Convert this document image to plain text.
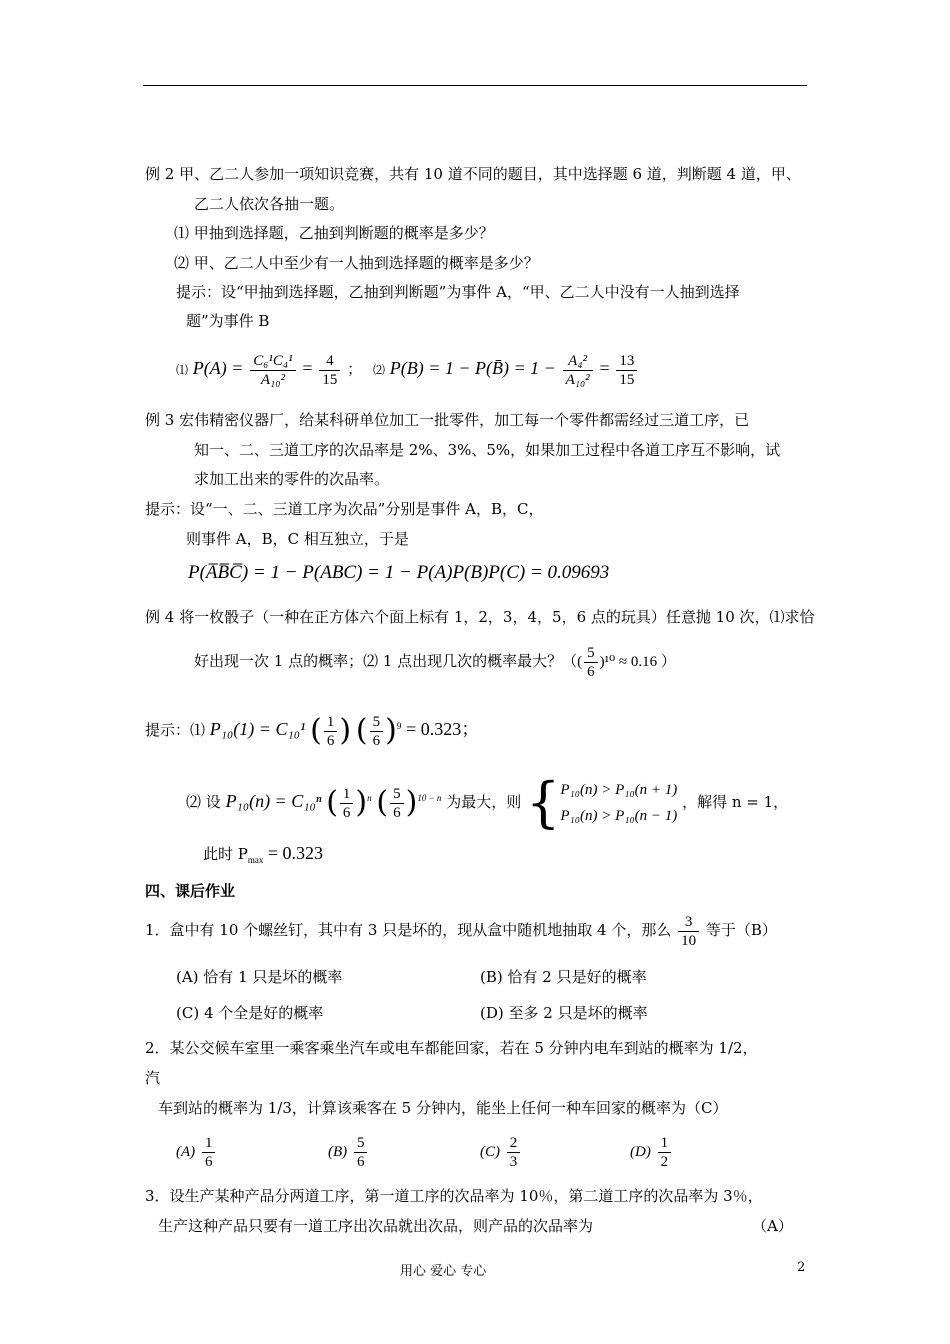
例 2 甲、乙二人参加一项知识竞赛，共有 10 道不同的题目，其中选择题 6 道，判断题 4 道，甲、
乙二人依次各抽一题。
⑴ 甲抽到选择题，乙抽到判断题的概率是多少？
⑵ 甲、乙二人中至少有一人抽到选择题的概率是多少？
提示：设“甲抽到选择题，乙抽到判断题”为事件 A，“甲、乙二人中没有一人抽到选择
题”为事件 B
⑴ $P(A) = \frac{\text{C₆¹C₄¹}}{\text{A₁₀²}} = \frac{4}{15}$ ； ⑵ P(B) = 1 − P(B̄) = $1 - \frac{\text{A₄²}}{\text{A₁₀²}} = \frac{13}{15}$
例 3 宏伟精密仪器厂，给某科研单位加工一批零件，加工每一个零件都需经过三道工序，已
知一、二、三道工序的次品率是 2%、3%、5%，如果加工过程中各道工序互不影响，试
求加工出来的零件的次品率。
提示：设“一、二、三道工序为次品”分别是事件 A，B，C，
则事件 A，B，C 相互独立，于是
P(A̅B̅C̅) = 1 − P(ABC) = 1 − P(A)P(B)P(C) = 0.09693
例 4 将一枚骰子（一种在正方体六个面上标有 1，2，3，4，5，6 点的玩具）任意抛 10 次，⑴求恰
好出现一次 1 点的概率；⑵ 1 点出现几次的概率最大？（( $\frac{5}{6} )^{10} \approx 0.16$ ）
提示：⑴ P₁₀(1) = C₁₀¹ ( $\frac{1}{6}$ ) ( $\frac{5}{6} )^9 = 0.323$；
⑵ 设 P₁₀(n) = C₁₀ⁿ ( $\frac{1}{6} )^n$ ( $\frac{5}{6} )^{10 - n}$ 为最大，则 { P₁₀(n) > P₁₀(n + 1)
P₁₀(n) > P₁₀(n − 1)
，解得 n = 1，
此时 $P_{max} = 0.323$
四、课后作业
1．盒中有 10 个螺丝钉，其中有 3 只是坏的，现从盒中随机地抽取 4 个，那么 $\frac{3}{10}$ 等于（B）
(A) 恰有 1 只是坏的概率	(B) 恰有 2 只是好的概率
(C) 4 个全是好的概率	(D) 至多 2 只是坏的概率
2．某公交候车室里一乘客乘坐汽车或电车都能回家，若在 5 分钟内电车到站的概率为 1/2，
汽
车到站的概率为 1/3，计算该乘客在 5 分钟内，能坐上任何一种车回家的概率为（C）
$(A) \frac{1}{6}$	$(B) \frac{5}{6}$	$(C) \frac{2}{3}$	$(D) \frac{1}{2}$
3．设生产某种产品分两道工序，第一道工序的次品率为 10％，第二道工序的次品率为 3％，
生产这种产品只要有一道工序出次品就出次品，则产品的次品率为	（A）
用心 爱心 专心	2
